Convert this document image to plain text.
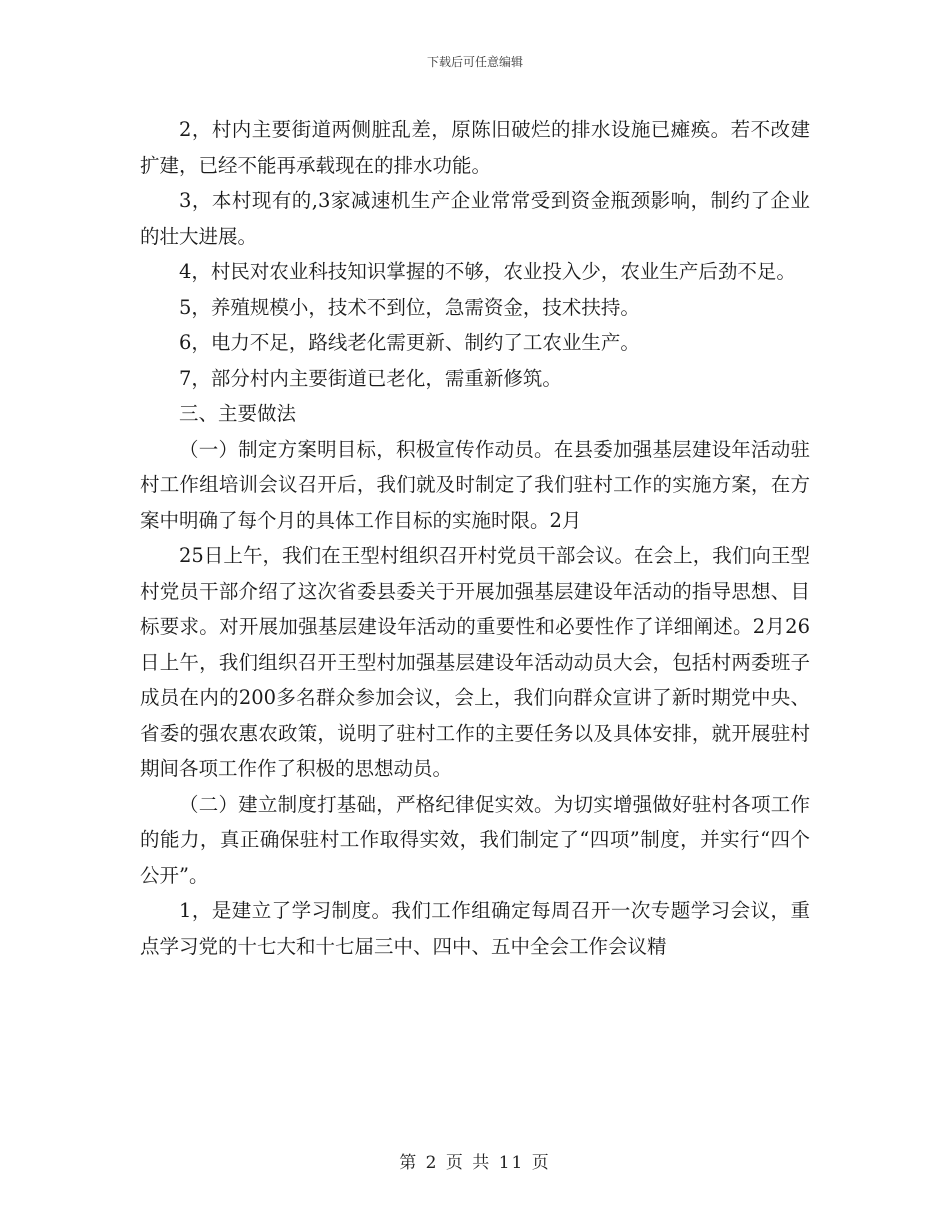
下载后可任意编辑

2，村内主要街道两侧脏乱差，原陈旧破烂的排水设施已瘫痪。若不改建扩建，已经不能再承载现在的排水功能。

3，本村现有的,3家减速机生产企业常常受到资金瓶颈影响，制约了企业的壮大进展。

4，村民对农业科技知识掌握的不够，农业投入少，农业生产后劲不足。

5，养殖规模小，技术不到位，急需资金，技术扶持。

6，电力不足，路线老化需更新、制约了工农业生产。

7，部分村内主要街道已老化，需重新修筑。

三、主要做法

（一）制定方案明目标，积极宣传作动员。在县委加强基层建设年活动驻村工作组培训会议召开后，我们就及时制定了我们驻村工作的实施方案，在方案中明确了每个月的具体工作目标的实施时限。2月

25日上午，我们在王型村组织召开村党员干部会议。在会上，我们向王型村党员干部介绍了这次省委县委关于开展加强基层建设年活动的指导思想、目标要求。对开展加强基层建设年活动的重要性和必要性作了详细阐述。2月26日上午，我们组织召开王型村加强基层建设年活动动员大会，包括村两委班子成员在内的200多名群众参加会议，会上，我们向群众宣讲了新时期党中央、省委的强农惠农政策，说明了驻村工作的主要任务以及具体安排，就开展驻村期间各项工作作了积极的思想动员。

（二）建立制度打基础，严格纪律促实效。为切实增强做好驻村各项工作的能力，真正确保驻村工作取得实效，我们制定了“四项”制度，并实行“四个公开”。

1，是建立了学习制度。我们工作组确定每周召开一次专题学习会议，重点学习党的十七大和十七届三中、四中、五中全会工作会议精

第 2 页 共 11 页
